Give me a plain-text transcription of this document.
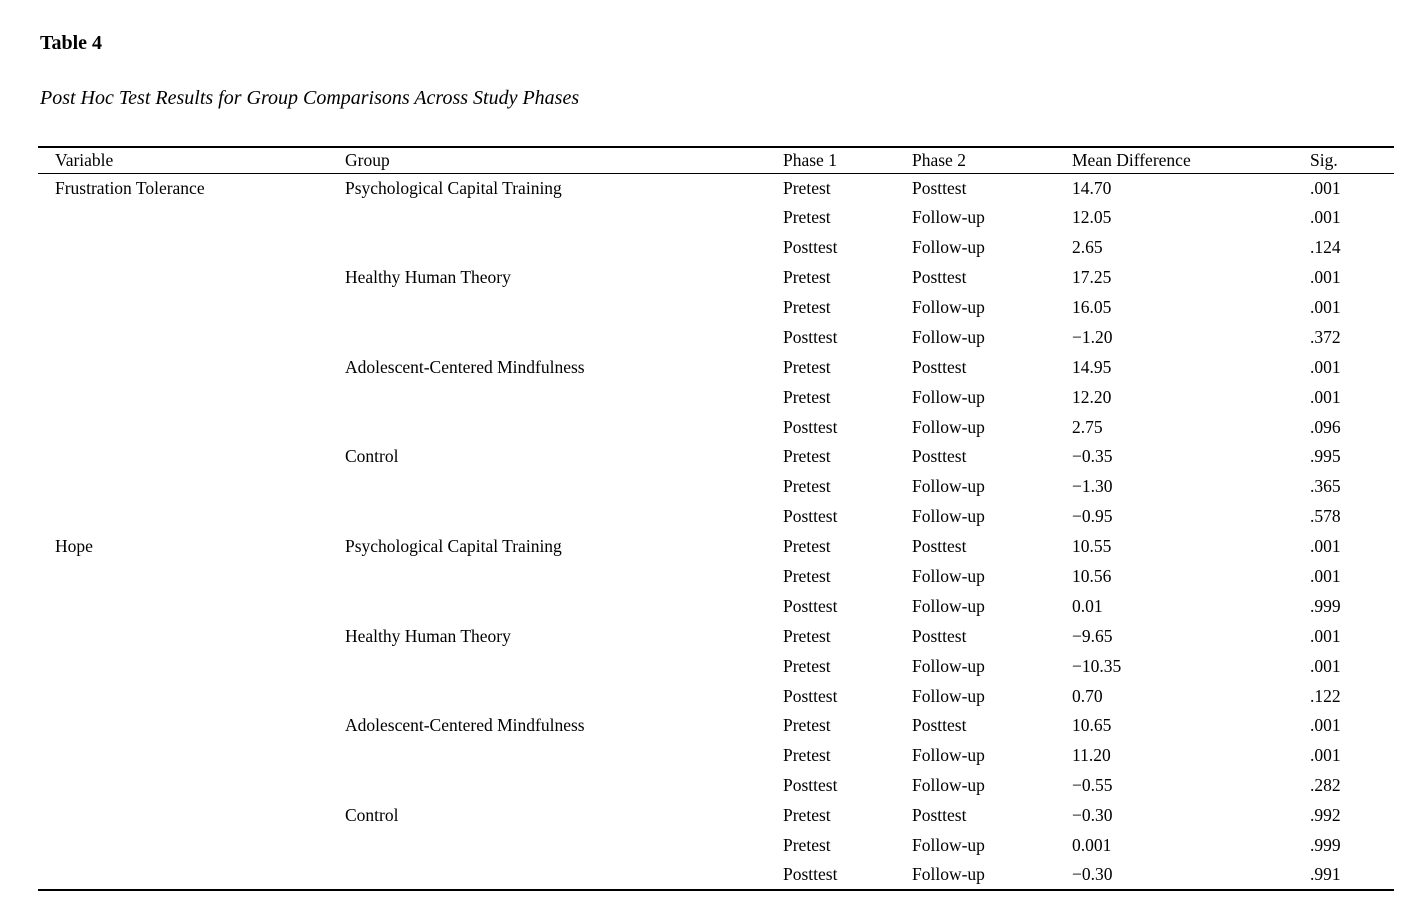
Table 4
Post Hoc Test Results for Group Comparisons Across Study Phases
Variable	Group	Phase 1	Phase 2	Mean Difference	Sig.
Frustration Tolerance	Psychological Capital Training	Pretest	Posttest	14.70	.001
		Pretest	Follow-up	12.05	.001
		Posttest	Follow-up	2.65	.124
	Healthy Human Theory	Pretest	Posttest	17.25	.001
		Pretest	Follow-up	16.05	.001
		Posttest	Follow-up	−1.20	.372
	Adolescent-Centered Mindfulness	Pretest	Posttest	14.95	.001
		Pretest	Follow-up	12.20	.001
		Posttest	Follow-up	2.75	.096
	Control	Pretest	Posttest	−0.35	.995
		Pretest	Follow-up	−1.30	.365
		Posttest	Follow-up	−0.95	.578
Hope	Psychological Capital Training	Pretest	Posttest	10.55	.001
		Pretest	Follow-up	10.56	.001
		Posttest	Follow-up	0.01	.999
	Healthy Human Theory	Pretest	Posttest	−9.65	.001
		Pretest	Follow-up	−10.35	.001
		Posttest	Follow-up	0.70	.122
	Adolescent-Centered Mindfulness	Pretest	Posttest	10.65	.001
		Pretest	Follow-up	11.20	.001
		Posttest	Follow-up	−0.55	.282
	Control	Pretest	Posttest	−0.30	.992
		Pretest	Follow-up	0.001	.999
		Posttest	Follow-up	−0.30	.991
